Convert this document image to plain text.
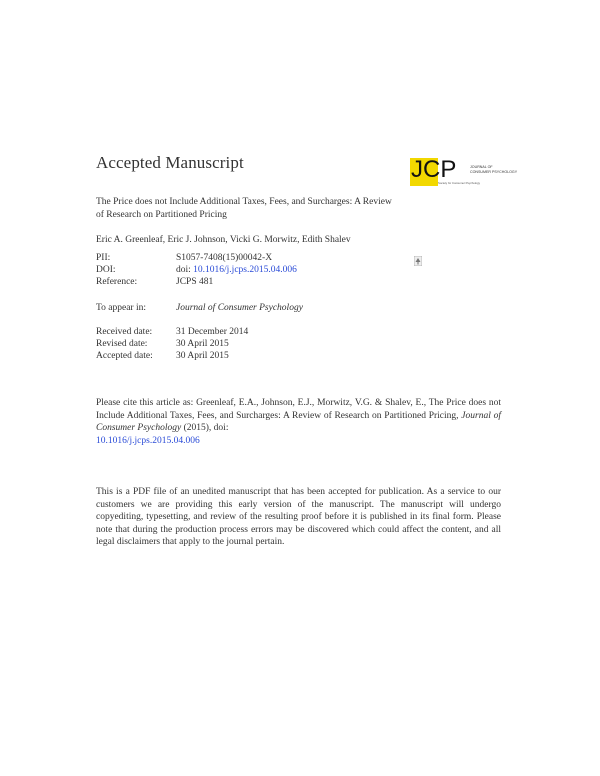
Accepted Manuscript	JCP	JOURNAL OF
CONSUMER PSYCHOLOGY
Society for Consumer Psychology
The Price does not Include Additional Taxes, Fees, and Surcharges: A Review of Research on Partitioned Pricing
Eric A. Greenleaf, Eric J. Johnson, Vicki G. Morwitz, Edith Shalev
PII:	S1057-7408(15)00042-X
DOI:	doi: 10.1016/j.jcps.2015.04.006
Reference:	JCPS 481
To appear in:	Journal of Consumer Psychology
Received date:	31 December 2014
Revised date:	30 April 2015
Accepted date:	30 April 2015
Please cite this article as: Greenleaf, E.A., Johnson, E.J., Morwitz, V.G. & Shalev, E., The Price does not Include Additional Taxes, Fees, and Surcharges: A Review of Research on Partitioned Pricing, Journal of Consumer Psychology (2015), doi:
10.1016/j.jcps.2015.04.006
This is a PDF file of an unedited manuscript that has been accepted for publication. As a service to our customers we are providing this early version of the manuscript. The manuscript will undergo copyediting, typesetting, and review of the resulting proof before it is published in its final form. Please note that during the production process errors may be discovered which could affect the content, and all legal disclaimers that apply to the journal pertain.
